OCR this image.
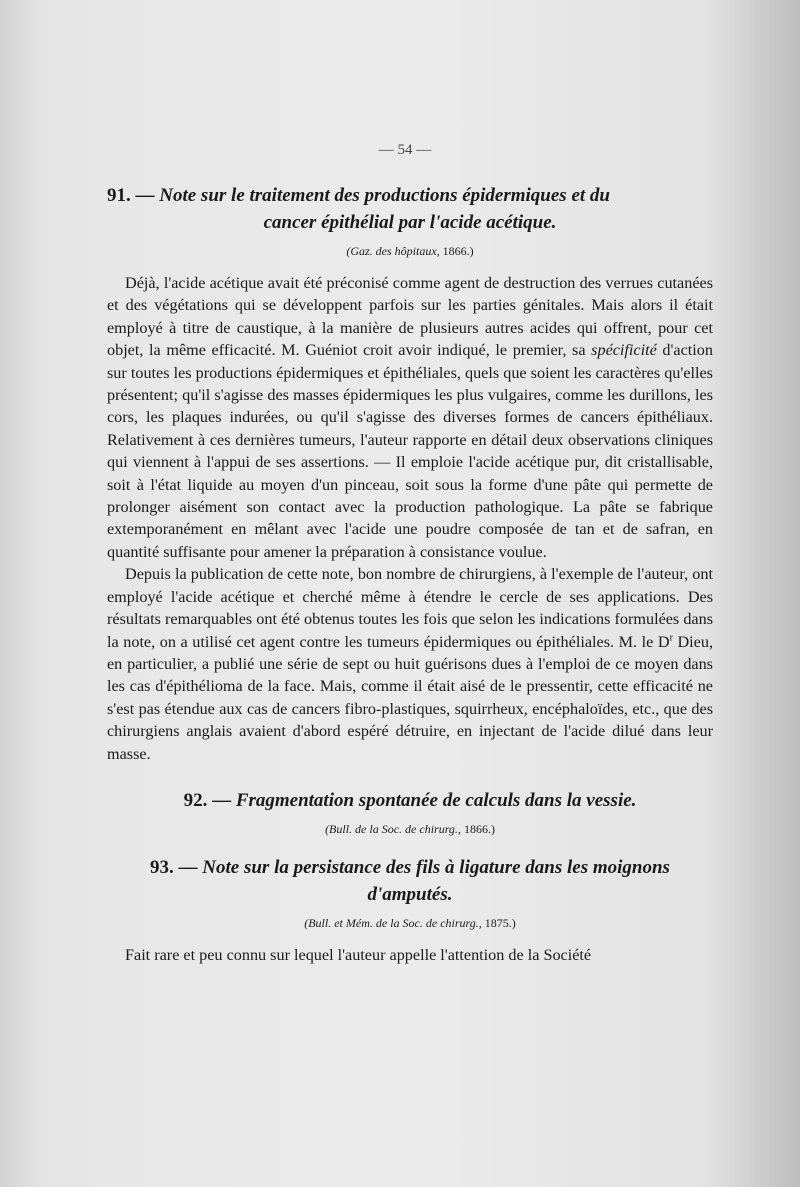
— 54 —
91. — Note sur le traitement des productions épidermiques et du
cancer épithélial par l'acide acétique.
(Gaz. des hôpitaux, 1866.)

Déjà, l'acide acétique avait été préconisé comme agent de destruction des verrues cutanées et des végétations qui se développent parfois sur les parties génitales. Mais alors il était employé à titre de caustique, à la manière de plusieurs autres acides qui offrent, pour cet objet, la même efficacité. M. Guéniot croit avoir indiqué, le premier, sa spécificité d'action sur toutes les productions épidermiques et épithéliales, quels que soient les caractères qu'elles présentent; qu'il s'agisse des masses épidermiques les plus vulgaires, comme les durillons, les cors, les plaques indurées, ou qu'il s'agisse des diverses formes de cancers épithéliaux. Relativement à ces dernières tumeurs, l'auteur rapporte en détail deux observations cliniques qui viennent à l'appui de ses assertions. — Il emploie l'acide acétique pur, dit cristallisable, soit à l'état liquide au moyen d'un pinceau, soit sous la forme d'une pâte qui permette de prolonger aisément son contact avec la production pathologique. La pâte se fabrique extemporanément en mêlant avec l'acide une poudre composée de tan et de safran, en quantité suffisante pour amener la préparation à consistance voulue.

Depuis la publication de cette note, bon nombre de chirurgiens, à l'exemple de l'auteur, ont employé l'acide acétique et cherché même à étendre le cercle de ses applications. Des résultats remarquables ont été obtenus toutes les fois que selon les indications formulées dans la note, on a utilisé cet agent contre les tumeurs épidermiques ou épithéliales. M. le $D^r$ Dieu, en particulier, a publié une série de sept ou huit guérisons dues à l'emploi de ce moyen dans les cas d'épithélioma de la face. Mais, comme il était aisé de le pressentir, cette efficacité ne s'est pas étendue aux cas de cancers fibro-plastiques, squirrheux, encéphaloïdes, etc., que des chirurgiens anglais avaient d'abord espéré détruire, en injectant de l'acide dilué dans leur masse.

92. — Fragmentation spontanée de calculs dans la vessie.
(Bull. de la Soc. de chirurg., 1866.)
93. — Note sur la persistance des fils à ligature dans les moignons
d'amputés.
(Bull. et Mém. de la Soc. de chirurg., 1875.)

Fait rare et peu connu sur lequel l'auteur appelle l'attention de la Société
